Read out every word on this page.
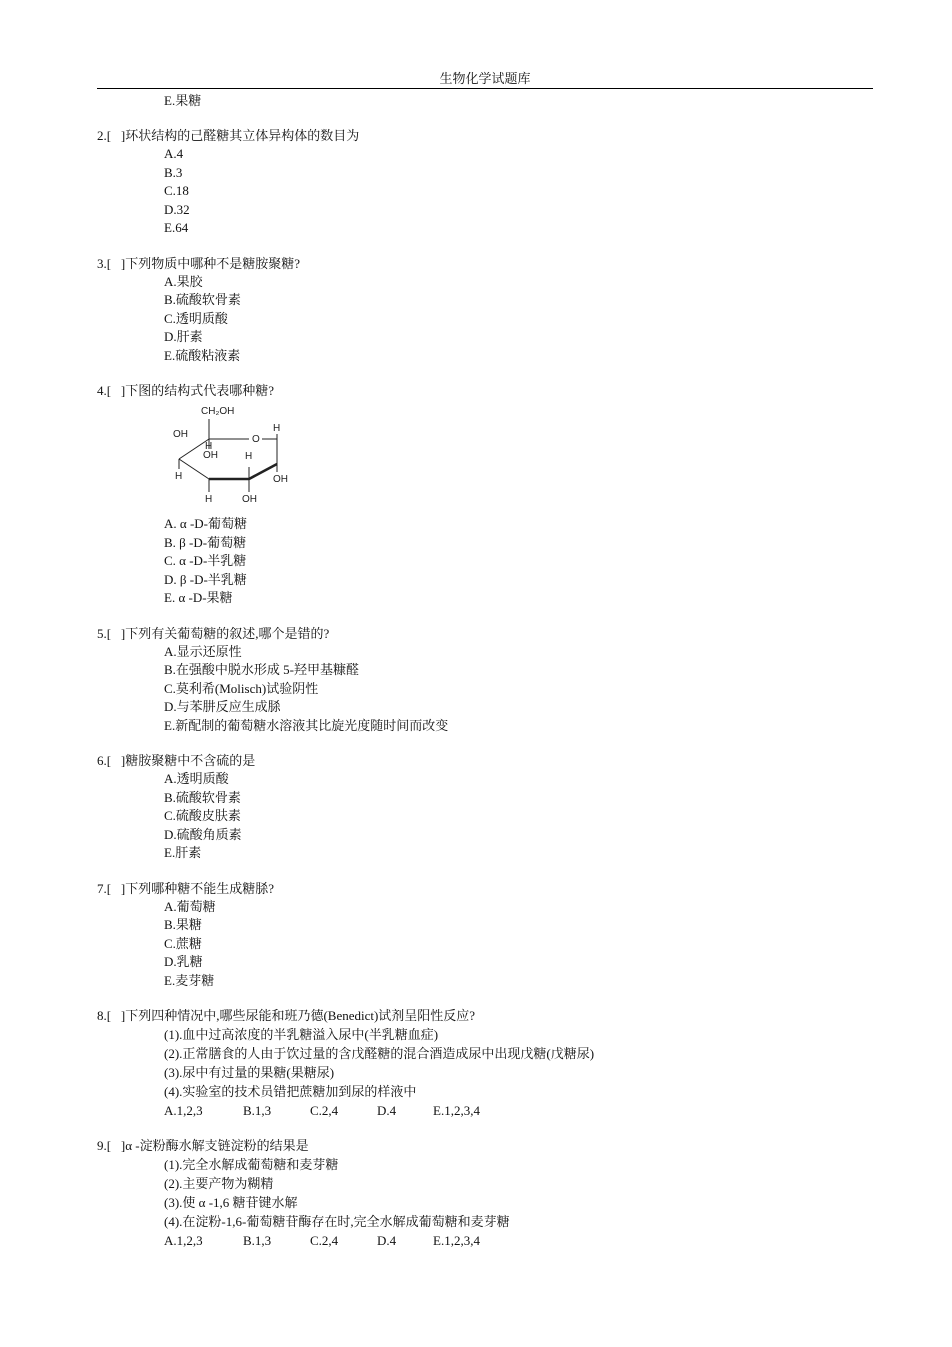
生物化学试题库
E.果糖
2.[ ]环状结构的己醛糖其立体异构体的数目为
A.4
B.3
C.18
D.32
E.64
3.[ ]下列物质中哪种不是糖胺聚糖?
A.果胶
B.硫酸软骨素
C.透明质酸
D.肝素
E.硫酸粘液素
4.[ ]下图的结构式代表哪种糖?
CH₂OH
OH
H
OH	H
O
H
H	OH
H	OH
A. α -D-葡萄糖
B. β -D-葡萄糖
C. α -D-半乳糖
D. β -D-半乳糖
E. α -D-果糖
5.[ ]下列有关葡萄糖的叙述,哪个是错的?
A.显示还原性
B.在强酸中脱水形成 5-羟甲基糠醛
C.莫利希(Molisch)试验阴性
D.与苯肼反应生成脎
E.新配制的葡萄糖水溶液其比旋光度随时间而改变
6.[ ]糖胺聚糖中不含硫的是
A.透明质酸
B.硫酸软骨素
C.硫酸皮肤素
D.硫酸角质素
E.肝素
7.[ ]下列哪种糖不能生成糖脎?
A.葡萄糖
B.果糖
C.蔗糖
D.乳糖
E.麦芽糖
8.[ ]下列四种情况中,哪些尿能和班乃德(Benedict)试剂呈阳性反应?
(1).血中过高浓度的半乳糖溢入尿中(半乳糖血症)
(2).正常膳食的人由于饮过量的含戊醛糖的混合酒造成尿中出现戊糖(戊糖尿)
(3).尿中有过量的果糖(果糖尿)
(4).实验室的技术员错把蔗糖加到尿的样液中
A.1,2,3	B.1,3	C.2,4	D.4	E.1,2,3,4
9.[ ]α -淀粉酶水解支链淀粉的结果是
(1).完全水解成葡萄糖和麦芽糖
(2).主要产物为糊精
(3).使 α -1,6 糖苷键水解
(4).在淀粉-1,6-葡萄糖苷酶存在时,完全水解成葡萄糖和麦芽糖
A.1,2,3	B.1,3	C.2,4	D.4	E.1,2,3,4
